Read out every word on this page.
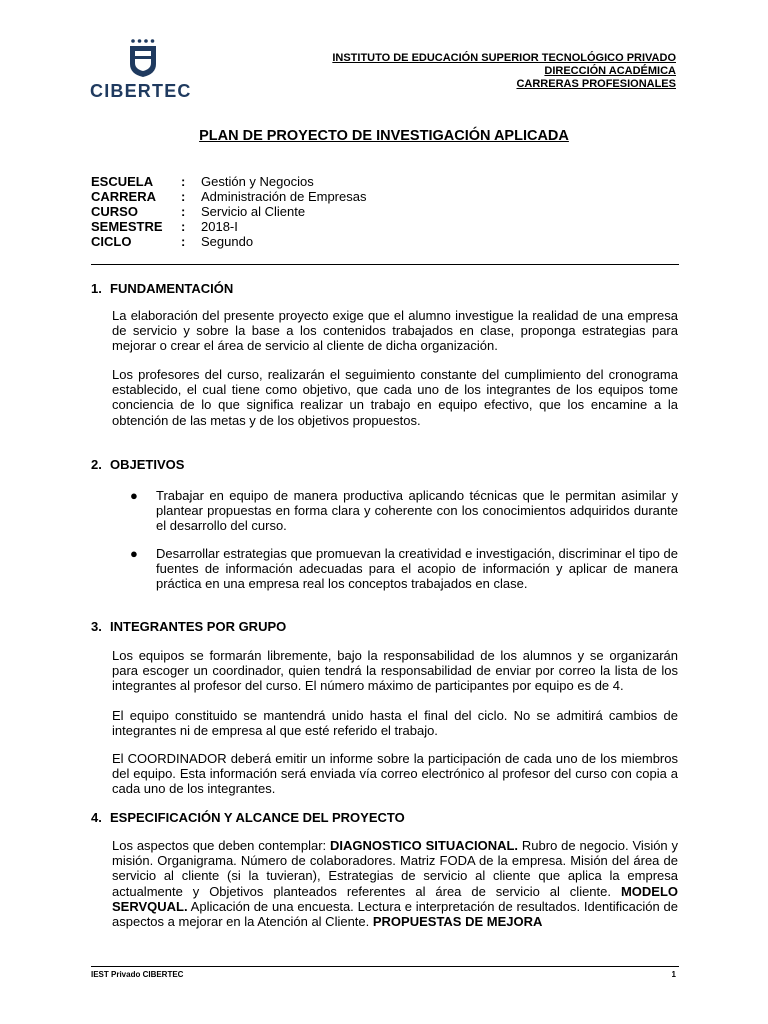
CIBERTEC
INSTITUTO DE EDUCACIÓN SUPERIOR TECNOLÓGICO PRIVADO
DIRECCIÓN ACADÉMICA
CARRERAS PROFESIONALES
PLAN DE PROYECTO DE INVESTIGACIÓN APLICADA
ESCUELA	:	Gestión y Negocios
CARRERA	:	Administración de Empresas
CURSO	:	Servicio al Cliente
SEMESTRE	:	2018-I
CICLO	:	Segundo
1. FUNDAMENTACIÓN
La elaboración del presente proyecto exige que el alumno investigue la realidad de una empresa de servicio y sobre la base a los contenidos trabajados en clase, proponga estrategias para mejorar o crear el área de servicio al cliente de dicha organización.
Los profesores del curso, realizarán el seguimiento constante del cumplimiento del cronograma establecido, el cual tiene como objetivo, que cada uno de los integrantes de los equipos tome conciencia de lo que significa realizar un trabajo en equipo efectivo, que los encamine a la obtención de las metas y de los objetivos propuestos.
2. OBJETIVOS
● Trabajar en equipo de manera productiva aplicando técnicas que le permitan asimilar y plantear propuestas en forma clara y coherente con los conocimientos adquiridos durante el desarrollo del curso.
● Desarrollar estrategias que promuevan la creatividad e investigación, discriminar el tipo de fuentes de información adecuadas para el acopio de información y aplicar de manera práctica en una empresa real los conceptos trabajados en clase.
3. INTEGRANTES POR GRUPO
Los equipos se formarán libremente, bajo la responsabilidad de los alumnos y se organizarán para escoger un coordinador, quien tendrá la responsabilidad de enviar por correo la lista de los integrantes al profesor del curso. El número máximo de participantes por equipo es de 4.
El equipo constituido se mantendrá unido hasta el final del ciclo. No se admitirá cambios de integrantes ni de empresa al que esté referido el trabajo.
El COORDINADOR deberá emitir un informe sobre la participación de cada uno de los miembros del equipo. Esta información será enviada vía correo electrónico al profesor del curso con copia a cada uno de los integrantes.
4. ESPECIFICACIÓN Y ALCANCE DEL PROYECTO
Los aspectos que deben contemplar: DIAGNOSTICO SITUACIONAL. Rubro de negocio. Visión y misión. Organigrama. Número de colaboradores. Matriz FODA de la empresa. Misión del área de servicio al cliente (si la tuvieran), Estrategias de servicio al cliente que aplica la empresa actualmente y Objetivos planteados referentes al área de servicio al cliente. MODELO SERVQUAL. Aplicación de una encuesta. Lectura e interpretación de resultados. Identificación de aspectos a mejorar en la Atención al Cliente. PROPUESTAS DE MEJORA
IEST Privado CIBERTEC	1
